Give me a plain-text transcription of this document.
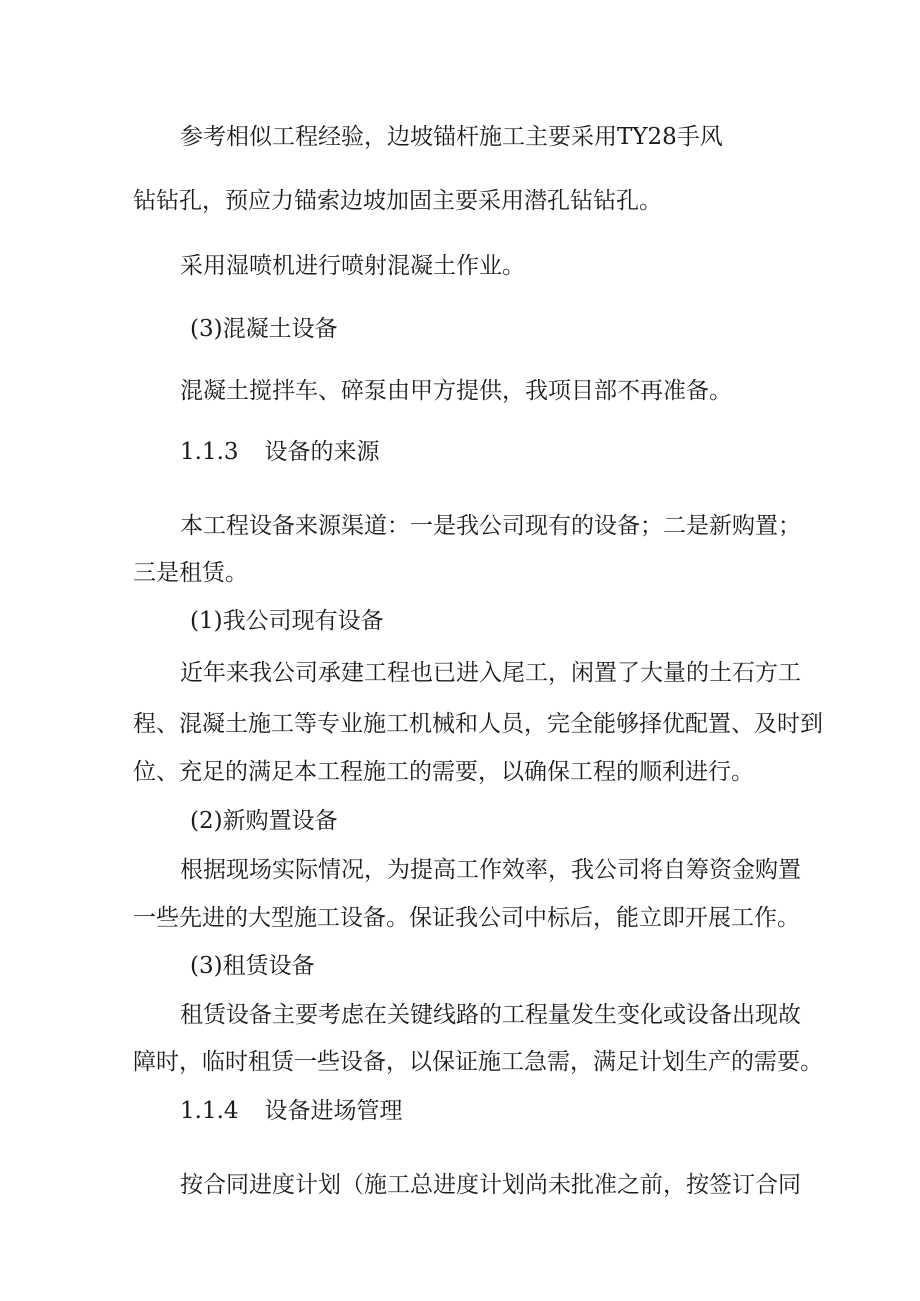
参考相似工程经验，边坡锚杆施工主要采用TY28手风

钻钻孔，预应力锚索边坡加固主要采用潜孔钻钻孔。

采用湿喷机进行喷射混凝土作业。

(3)混凝土设备

混凝土搅拌车、碎泵由甲方提供，我项目部不再准备。

1.1.3 设备的来源

本工程设备来源渠道：一是我公司现有的设备；二是新购置；

三是租赁。

(1)我公司现有设备

近年来我公司承建工程也已进入尾工，闲置了大量的土石方工

程、混凝土施工等专业施工机械和人员，完全能够择优配置、及时到

位、充足的满足本工程施工的需要，以确保工程的顺利进行。

(2)新购置设备

根据现场实际情况，为提高工作效率，我公司将自筹资金购置

一些先进的大型施工设备。保证我公司中标后，能立即开展工作。

(3)租赁设备

租赁设备主要考虑在关键线路的工程量发生变化或设备出现故

障时，临时租赁一些设备，以保证施工急需，满足计划生产的需要。

1.1.4 设备进场管理

按合同进度计划（施工总进度计划尚未批准之前，按签订合同
